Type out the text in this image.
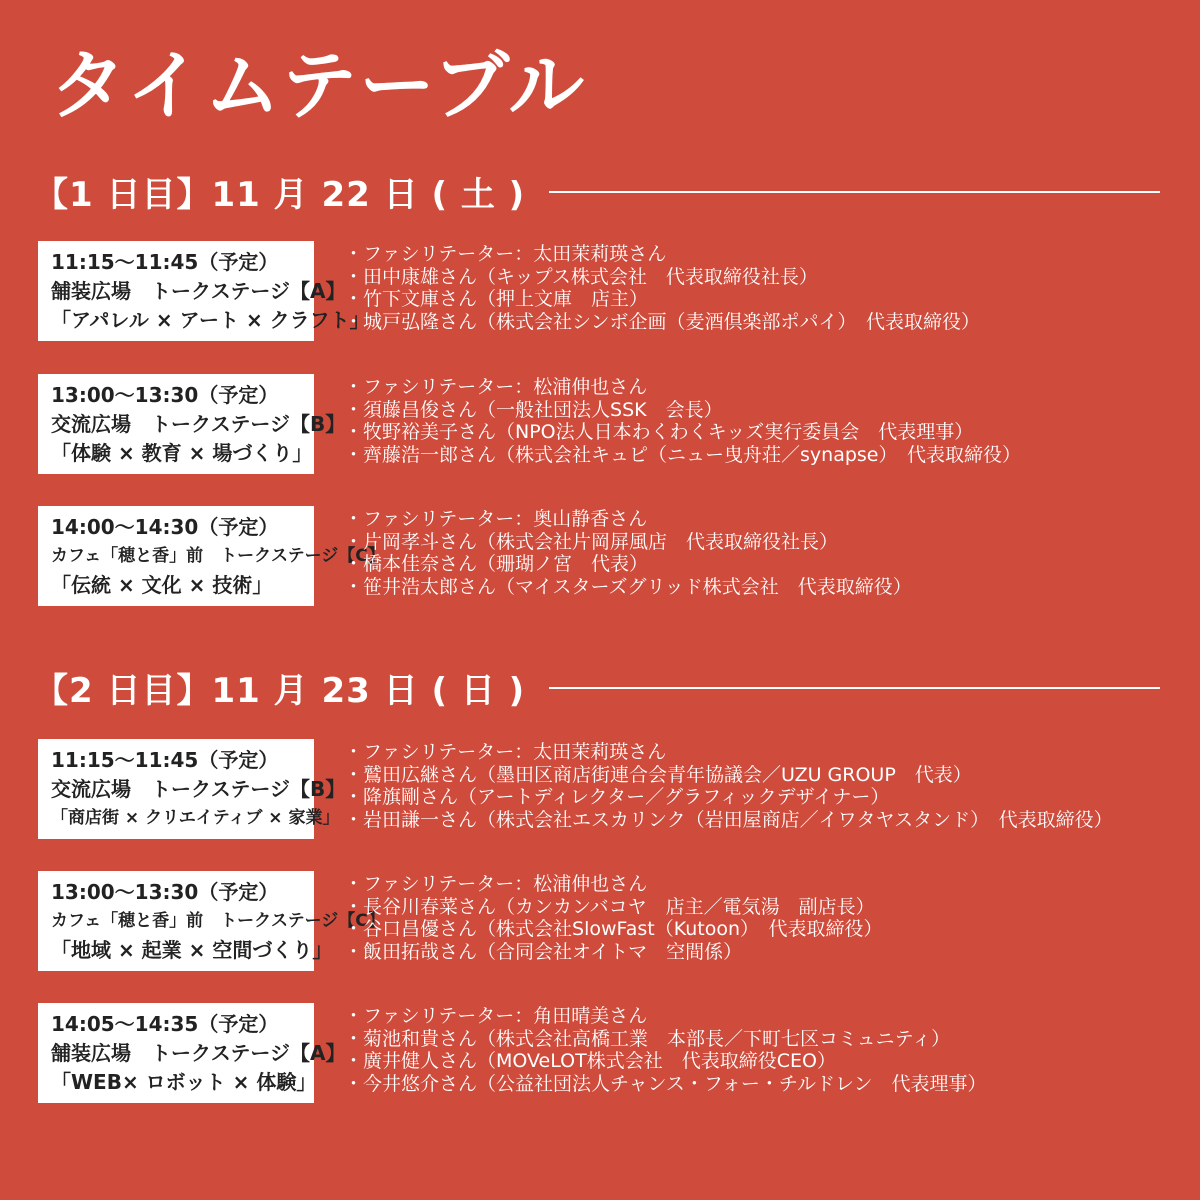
タイムテーブル
【1 日目】11 月 22 日 ( 土 )
11:15〜11:45（予定）
舗装広場　トークステージ【A】
「アパレル × アート × クラフト」
・ ファシリテーター：太田茉莉瑛さん
・ 田中康雄さん（キップス株式会社　代表取締役社長）
・ 竹下文庫さん（押上文庫　店主）
・ 城戸弘隆さん（株式会社シンボ企画（麦酒倶楽部ポパイ）　代表取締役）
13:00〜13:30（予定）
交流広場　トークステージ【B】
「体験 × 教育 × 場づくり」
・ ファシリテーター：松浦伸也さん
・ 須藤昌俊さん（一般社団法人SSK　会長）
・ 牧野裕美子さん（NPO法人日本わくわくキッズ実行委員会　代表理事）
・ 齊藤浩一郎さん（株式会社キュピ（ニュー曳舟荘／synapse）　代表取締役）
14:00〜14:30（予定）
カフェ「穂と香」前　トークステージ【C】
「伝統 × 文化 × 技術」
・ ファシリテーター：奥山静香さん
・ 片岡孝斗さん（株式会社片岡屏風店　代表取締役社長）
・ 橋本佳奈さん（珊瑚ノ宮　代表）
・ 笹井浩太郎さん（マイスターズグリッド株式会社　代表取締役）
【2 日目】11 月 23 日 ( 日 )
11:15〜11:45（予定）
交流広場　トークステージ【B】
「商店街 × クリエイティブ × 家業」
・ ファシリテーター：太田茉莉瑛さん
・ 鷲田広継さん（墨田区商店街連合会青年協議会／UZU GROUP　代表）
・ 降旗剛さん（アートディレクター／グラフィックデザイナー）
・ 岩田謙一さん（株式会社エスカリンク（岩田屋商店／イワタヤスタンド）　代表取締役）
13:00〜13:30（予定）
カフェ「穂と香」前　トークステージ【C】
「地域 × 起業 × 空間づくり」
・ ファシリテーター：松浦伸也さん
・ 長谷川春菜さん（カンカンバコヤ　店主／電気湯　副店長）
・ 谷口昌優さん（株式会社SlowFast（Kutoon）　代表取締役）
・ 飯田拓哉さん（合同会社オイトマ　空間係）
14:05〜14:35（予定）
舗装広場　トークステージ【A】
「WEB× ロボット × 体験」
・ ファシリテーター：角田晴美さん
・ 菊池和貴さん（株式会社高橋工業　本部長／下町七区コミュニティ）
・ 廣井健人さん（MOVeLOT株式会社　代表取締役CEO）
・ 今井悠介さん（公益社団法人チャンス・フォー・チルドレン　代表理事）
